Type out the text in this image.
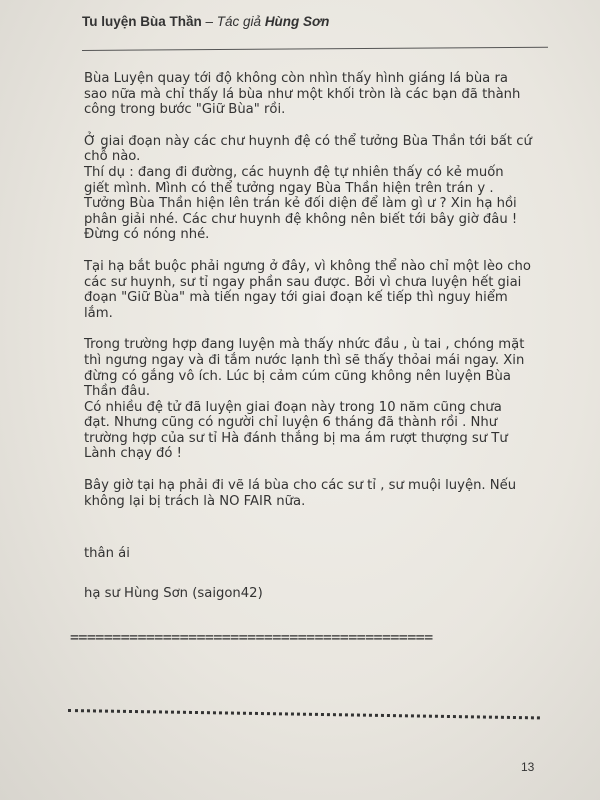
Tu luyện Bùa Thần – Tác giả Hùng Sơn

Bùa Luyện quay tới độ không còn nhìn thấy hình giáng lá bùa ra
sao nữa mà chỉ thấy lá bùa như một khối tròn là các bạn đã thành
công trong bước "Giữ Bùa" rồi.

Ở giai đoạn này các chư huynh đệ có thể tưởng Bùa Thần tới bất cứ
chỗ nào.

Thí dụ : đang đi đường, các huynh đệ tự nhiên thấy có kẻ muốn
giết mình. Mình có thể tưởng ngay Bùa Thần hiện trên trán y .
Tưởng Bùa Thần hiện lên trán kẻ đối diện để làm gì ư ? Xin hạ hồi
phân giải nhé. Các chư huynh đệ không nên biết tới bây giờ đâu !
Đừng có nóng nhé.

Tại hạ bắt buộc phải ngưng ở đây, vì không thể nào chỉ một lèo cho
các sư huynh, sư tỉ ngay phần sau được. Bởi vì chưa luyện hết giai
đoạn "Giữ Bùa" mà tiến ngay tới giai đoạn kế tiếp thì nguy hiểm
lắm.

Trong trường hợp đang luyện mà thấy nhức đầu , ù tai , chóng mặt
thì ngưng ngay và đi tắm nước lạnh thì sẽ thấy thỏai mái ngay. Xin
đừng có gắng vô ích. Lúc bị cảm cúm cũng không nên luyện Bùa
Thần đâu.

Có nhiều đệ tử đã luyện giai đoạn này trong 10 năm cũng chưa
đạt. Nhưng cũng có người chỉ luyện 6 tháng đã thành rồi . Như
trường hợp của sư tỉ Hà đánh thắng bị ma ám rượt thượng sư Tư
Lành chạy đó !

Bây giờ tại hạ phải đi vẽ lá bùa cho các sư tỉ , sư muội luyện. Nếu
không lại bị trách là NO FAIR nữa.

thân ái
hạ sư Hùng Sơn (saigon42)
===========================================
13
